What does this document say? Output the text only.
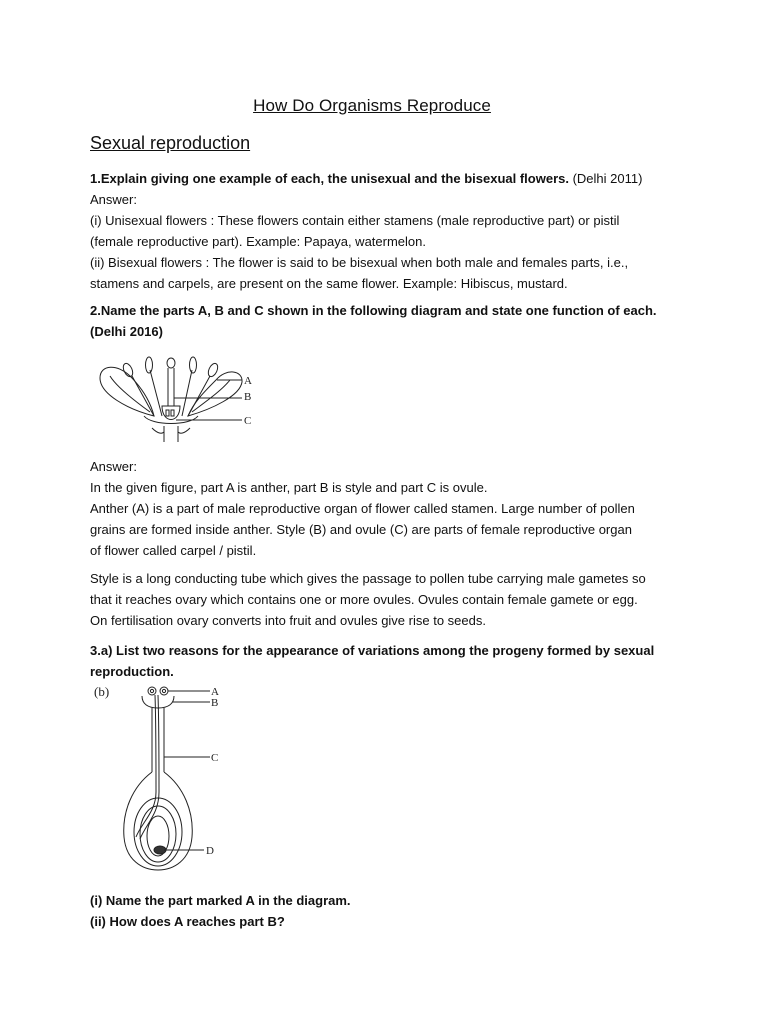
How Do Organisms Reproduce
Sexual reproduction

1.Explain giving one example of each, the unisexual and the bisexual flowers. (Delhi 2011)

Answer:

(i) Unisexual flowers : These flowers contain either stamens (male reproductive part) or pistil

(female reproductive part). Example: Papaya, watermelon.

(ii) Bisexual flowers : The flower is said to be bisexual when both male and females parts, i.e.,

stamens and carpels, are present on the same flower. Example: Hibiscus, mustard.

2.Name the parts A, B and C shown in the following diagram and state one function of each.

(Delhi 2016)

A
B
C

Answer:

In the given figure, part A is anther, part B is style and part C is ovule.

Anther (A) is a part of male reproductive organ of flower called stamen. Large number of pollen

grains are formed inside anther. Style (B) and ovule (C) are parts of female reproductive organ

of flower called carpel / pistil.

Style is a long conducting tube which gives the passage to pollen tube carrying male gametes so

that it reaches ovary which contains one or more ovules. Ovules contain female gamete or egg.

On fertilisation ovary converts into fruit and ovules give rise to seeds.

3.a) List two reasons for the appearance of variations among the progeny formed by sexual

reproduction.

(b)	A
B
C
D

(i) Name the part marked A in the diagram.

(ii) How does A reaches part B?
